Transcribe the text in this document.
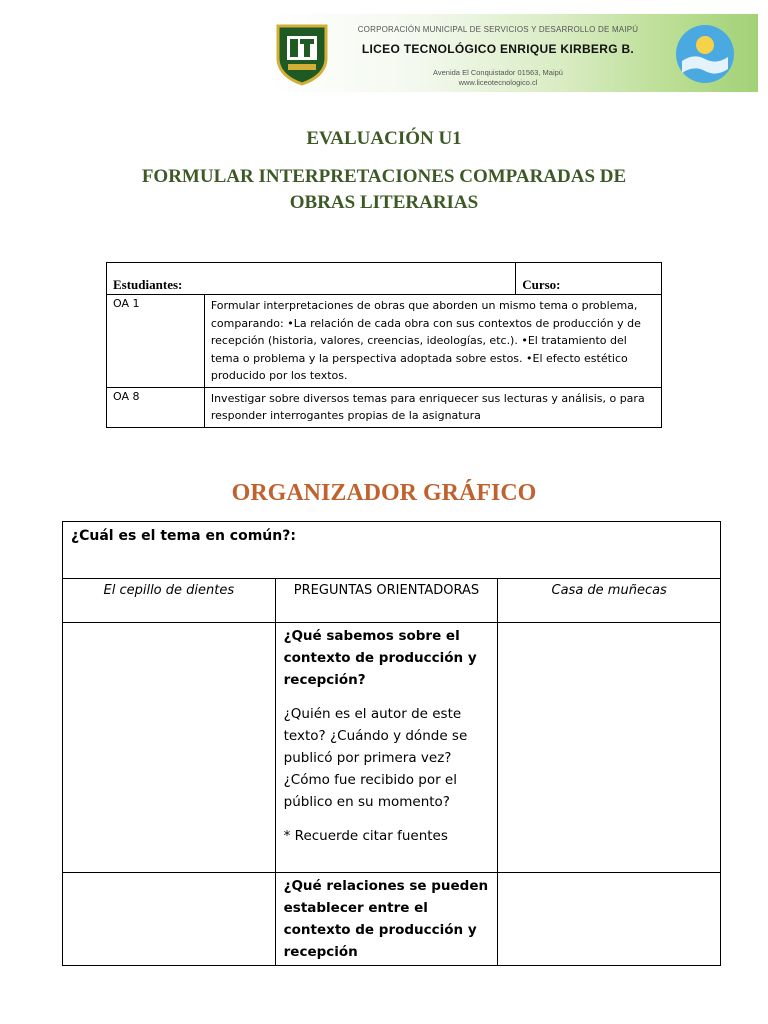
CORPORACIÓN MUNICIPAL DE SERVICIOS Y DESARROLLO DE MAIPÚ
LICEO TECNOLÓGICO ENRIQUE KIRBERG B.
Avenida El Conquistador 01563, Maipú
www.liceotecnologico.cl
EVALUACIÓN U1
FORMULAR INTERPRETACIONES COMPARADAS DE
OBRAS LITERARIAS
Estudiantes:		Curso:
OA 1	Formular interpretaciones de obras que aborden un mismo tema o problema, comparando: •La relación de cada obra con sus contextos de producción y de recepción (historia, valores, creencias, ideologías, etc.). •El tratamiento del tema o problema y la perspectiva adoptada sobre estos. •El efecto estético producido por los textos.	
OA 8	Investigar sobre diversos temas para enriquecer sus lecturas y análisis, o para responder interrogantes propias de la asignatura	
ORGANIZADOR GRÁFICO
¿Cuál es el tema en común?:		
El cepillo de dientes	PREGUNTAS ORIENTADORAS	Casa de muñecas

	¿Qué sabemos sobre el contexto de producción y recepción?

¿Quién es el autor de este texto? ¿Cuándo y dónde se publicó por primera vez? ¿Cómo fue recibido por el público en su momento?

* Recuerde citar fuentes	

	¿Qué relaciones se pueden establecer entre el contexto de producción y recepción	
